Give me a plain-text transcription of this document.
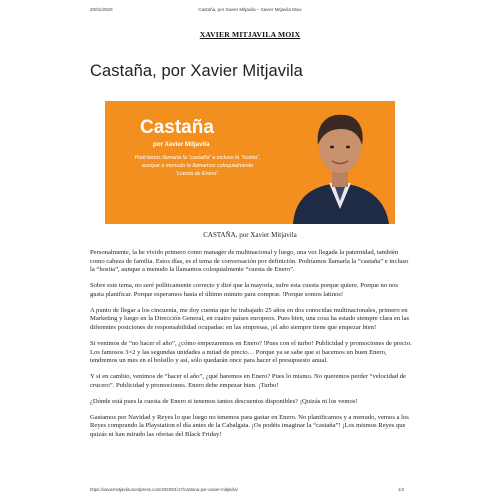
20/01/2020	Castaña, por Xavier Mitjavila – Xavier Mitjavila Moix
XAVIER MITJAVILA MOIX
Castaña, por Xavier Mitjavila
Castaña
por Xavier Mitjavila
Podríamos llamarla la “castaña” e incluso la “hostia”,
aunque a menudo la llamamos coloquialmente
“cuesta de Enero”.
CASTAÑA, por Xavier Mitjavila

Personalmente, la he vivido primero como manager de multinacional y luego, una vez llegada la paternidad, también como cabeza de familia. Estos días, es el tema de conversación por definición. Podríamos llamarla la “castaña” e incluso la “hostia”, aunque a menudo la llamamos coloquialmente “cuesta de Enero”.

Sobre este tema, no seré políticamente correcto y diré que la mayoría, sufre esta cuesta porque quiere. Porque no nos gusta planificar. Porque esperamos hasta el último minuto para comprar. !Porque somos latinos!

A punto de llegar a los cincuenta, me doy cuenta que he trabajado 25 años en dos conocidas multinacionales, primero en Marketing y luego en la Dirección General, en cuatro países europeos. Pues bien, una cosa ha estado siempre clara en las diferentes posiciones de responsabilidad ocupadas: en las empresas, ¡el año siempre tiene que empezar bien!

Si venimos de “no hacer el año”, ¿cómo empezaremos en Enero? !Pues con el turbo! Publicidad y promociones de precio. Los famosos 3×2 y las segundas unidades a mitad de precio… Porque ya se sabe que si hacemos un buen Enero, tendremos un mes en el bolsillo y así, sólo quedarán once para hacer el presupuesto anual.

Y si en cambio, venimos de “hacer el año”, ¿qué haremos en Enero? Pues lo mismo. No queremos perder “velocidad de crucero”. Publicidad y promociones. Enero debe empezar bien. ¡Turbo!

¿Dónde está pues la cuesta de Enero si tenemos tantos descuentos disponibles? ¡Quizás ni los vemos!

Gastamos por Navidad y Reyes lo que luego no tenemos para gastar en Enero. No planificamos y a menudo, vemos a los Reyes comprando la Playstation el día antes de la Cabalgata. ¡Os podéis imaginar la “castaña”! ¡Los mismos Reyes que quizás ni han mirado las ofertas del Black Friday!

https://xaviermitjavila.wordpress.com/2020/01/17/castana-por-xavier-mitjavila/	1/2
